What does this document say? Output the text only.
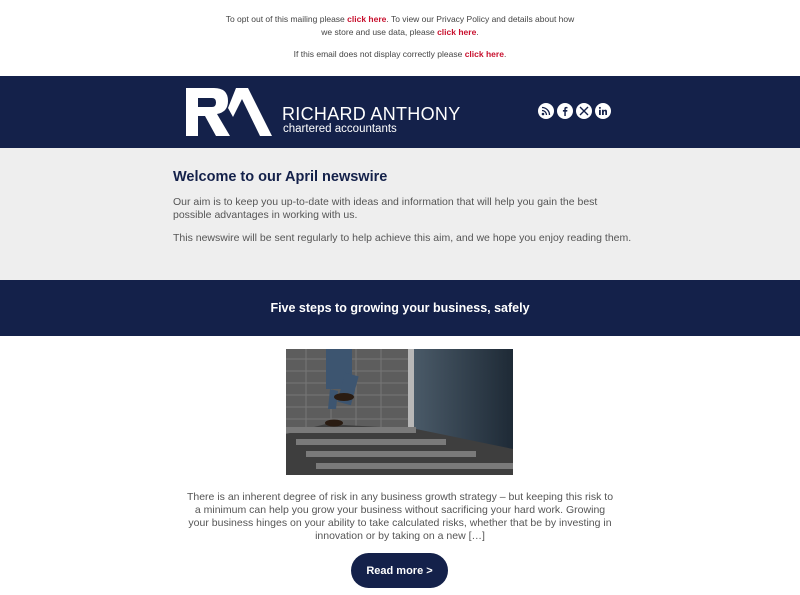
To opt out of this mailing please click here. To view our Privacy Policy and details about how
we store and use data, please click here.
If this email does not display correctly please click here.
RICHARD ANTHONY
chartered accountants
Welcome to our April newswire

Our aim is to keep you up-to-date with ideas and information that will help you gain the best possible advantages in working with us.

This newswire will be sent regularly to help achieve this aim, and we hope you enjoy reading them.

Five steps to growing your business, safely
There is an inherent degree of risk in any business growth strategy – but keeping this risk to a minimum can help you grow your business without sacrificing your hard work. Growing your business hinges on your ability to take calculated risks, whether that be by investing in innovation or by taking on a new […]
Read more >
